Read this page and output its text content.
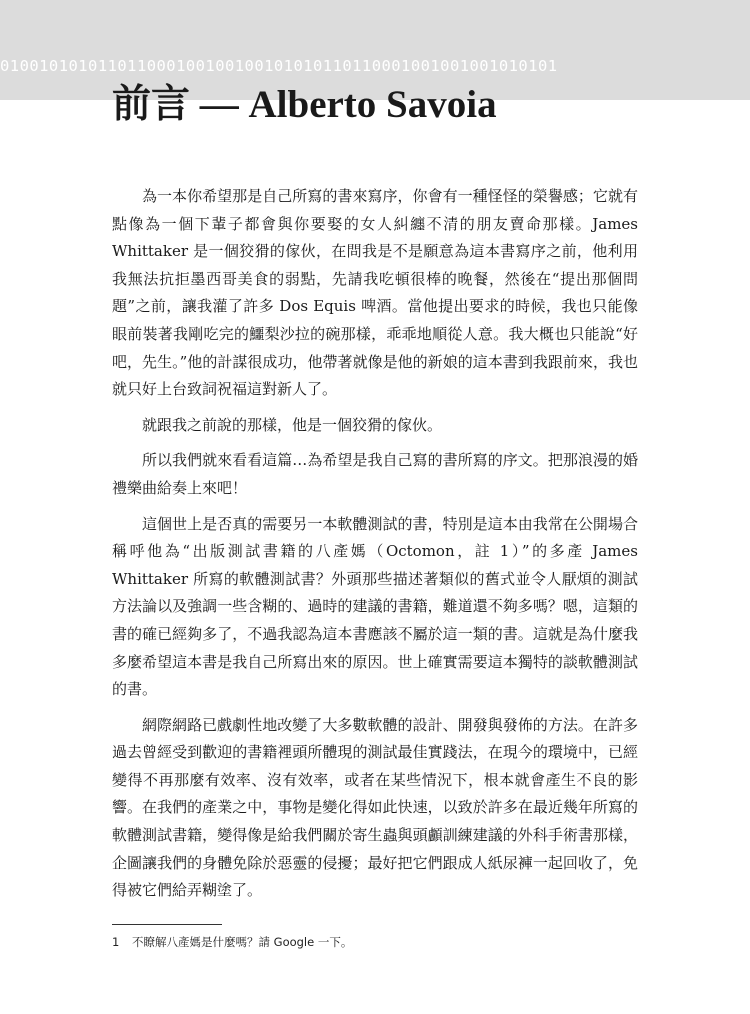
010010101011011000100100100101010110110001001001001010101
前言 — Alberto Savoia

為一本你希望那是自己所寫的書來寫序，你會有一種怪怪的榮譽感；它就有點像為一個下輩子都會與你要娶的女人糾纏不清的朋友賣命那樣。James Whittaker 是一個狡猾的傢伙，在問我是不是願意為這本書寫序之前，他利用我無法抗拒墨西哥美食的弱點，先請我吃頓很棒的晚餐，然後在“提出那個問題”之前，讓我灌了許多 Dos Equis 啤酒。當他提出要求的時候，我也只能像眼前裝著我剛吃完的鱷梨沙拉的碗那樣，乖乖地順從人意。我大概也只能說“好吧，先生。”他的計謀很成功，他帶著就像是他的新娘的這本書到我跟前來，我也就只好上台致詞祝福這對新人了。

就跟我之前說的那樣，他是一個狡猾的傢伙。

所以我們就來看看這篇…為希望是我自己寫的書所寫的序文。把那浪漫的婚禮樂曲給奏上來吧！

這個世上是否真的需要另一本軟體測試的書，特別是這本由我常在公開場合稱呼他為“出版測試書籍的八產媽（Octomon，註 1）”的多產 James Whittaker 所寫的軟體測試書？外頭那些描述著類似的舊式並令人厭煩的測試方法論以及強調一些含糊的、過時的建議的書籍，難道還不夠多嗎？嗯，這類的書的確已經夠多了，不過我認為這本書應該不屬於這一類的書。這就是為什麼我多麼希望這本書是我自己所寫出來的原因。世上確實需要這本獨特的談軟體測試的書。

網際網路已戲劇性地改變了大多數軟體的設計、開發與發佈的方法。在許多過去曾經受到歡迎的書籍裡頭所體現的測試最佳實踐法，在現今的環境中，已經變得不再那麼有效率、沒有效率，或者在某些情況下，根本就會產生不良的影響。在我們的產業之中，事物是變化得如此快速，以致於許多在最近幾年所寫的軟體測試書籍，變得像是給我們關於寄生蟲與頭顱訓練建議的外科手術書那樣，企圖讓我們的身體免除於惡靈的侵擾；最好把它們跟成人紙尿褲一起回收了，免得被它們給弄糊塗了。

1 不瞭解八產媽是什麼嗎？請 Google 一下。
